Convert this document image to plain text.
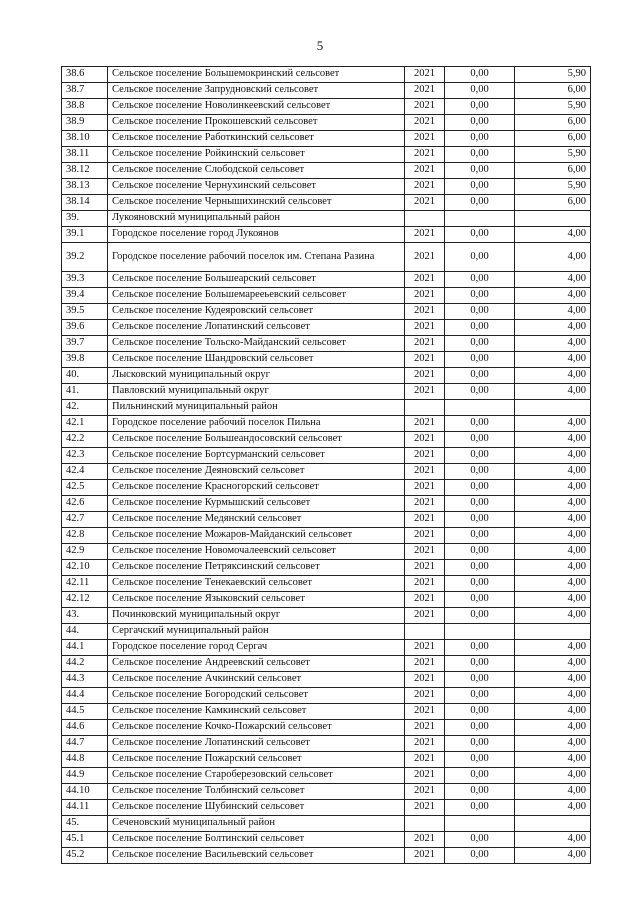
5
38.6	Сельское поселение Большемокринский сельсовет	2021	0,00	5,90
38.7	Сельское поселение Запрудновский сельсовет	2021	0,00	6,00
38.8	Сельское поселение Новолинкеевский сельсовет	2021	0,00	5,90
38.9	Сельское поселение Прокошевский сельсовет	2021	0,00	6,00
38.10	Сельское поселение Работкинский сельсовет	2021	0,00	6,00
38.11	Сельское поселение Ройкинский сельсовет	2021	0,00	5,90
38.12	Сельское поселение Слободской сельсовет	2021	0,00	6,00
38.13	Сельское поселение Чернухинский сельсовет	2021	0,00	5,90
38.14	Сельское поселение Чернышихинский сельсовет	2021	0,00	6,00
39.	Лукояновский муниципальный район			
39.1	Городское поселение город Лукоянов	2021	0,00	4,00
39.2	Городское поселение рабочий поселок им. Степана Разина	2021	0,00	4,00
39.3	Сельское поселение Большеарский сельсовет	2021	0,00	4,00
39.4	Сельское поселение Большемарееьевский сельсовет	2021	0,00	4,00
39.5	Сельское поселение Кудеяровский сельсовет	2021	0,00	4,00
39.6	Сельское поселение Лопатинский сельсовет	2021	0,00	4,00
39.7	Сельское поселение Тольско-Майданский сельсовет	2021	0,00	4,00
39.8	Сельское поселение Шандровский сельсовет	2021	0,00	4,00
40.	Лысковский муниципальный округ	2021	0,00	4,00
41.	Павловский муниципальный округ	2021	0,00	4,00
42.	Пильнинский муниципальный район			
42.1	Городское поселение рабочий поселок Пильна	2021	0,00	4,00
42.2	Сельское поселение Большеандосовский сельсовет	2021	0,00	4,00
42.3	Сельское поселение Бортсурманский сельсовет	2021	0,00	4,00
42.4	Сельское поселение Деяновский сельсовет	2021	0,00	4,00
42.5	Сельское поселение Красногорский сельсовет	2021	0,00	4,00
42.6	Сельское поселение Курмышский сельсовет	2021	0,00	4,00
42.7	Сельское поселение Медянский сельсовет	2021	0,00	4,00
42.8	Сельское поселение Можаров-Майданский сельсовет	2021	0,00	4,00
42.9	Сельское поселение Новомочалеевский сельсовет	2021	0,00	4,00
42.10	Сельское поселение Петряксинский сельсовет	2021	0,00	4,00
42.11	Сельское поселение Тенекаевский сельсовет	2021	0,00	4,00
42.12	Сельское поселение Языковский сельсовет	2021	0,00	4,00
43.	Починковский муниципальный округ	2021	0,00	4,00
44.	Сергачский муниципальный район			
44.1	Городское поселение город Сергач	2021	0,00	4,00
44.2	Сельское поселение Андреевский сельсовет	2021	0,00	4,00
44.3	Сельское поселение Ачкинский сельсовет	2021	0,00	4,00
44.4	Сельское поселение Богородский сельсовет	2021	0,00	4,00
44.5	Сельское поселение Камкинский сельсовет	2021	0,00	4,00
44.6	Сельское поселение Кочко-Пожарский сельсовет	2021	0,00	4,00
44.7	Сельское поселение Лопатинский сельсовет	2021	0,00	4,00
44.8	Сельское поселение Пожарский сельсовет	2021	0,00	4,00
44.9	Сельское поселение Староберезовский сельсовет	2021	0,00	4,00
44.10	Сельское поселение Толбинский сельсовет	2021	0,00	4,00
44.11	Сельское поселение Шубинский сельсовет	2021	0,00	4,00
45.	Сеченовский муниципальный район			
45.1	Сельское поселение Болтинский сельсовет	2021	0,00	4,00
45.2	Сельское поселение Васильевский сельсовет	2021	0,00	4,00
